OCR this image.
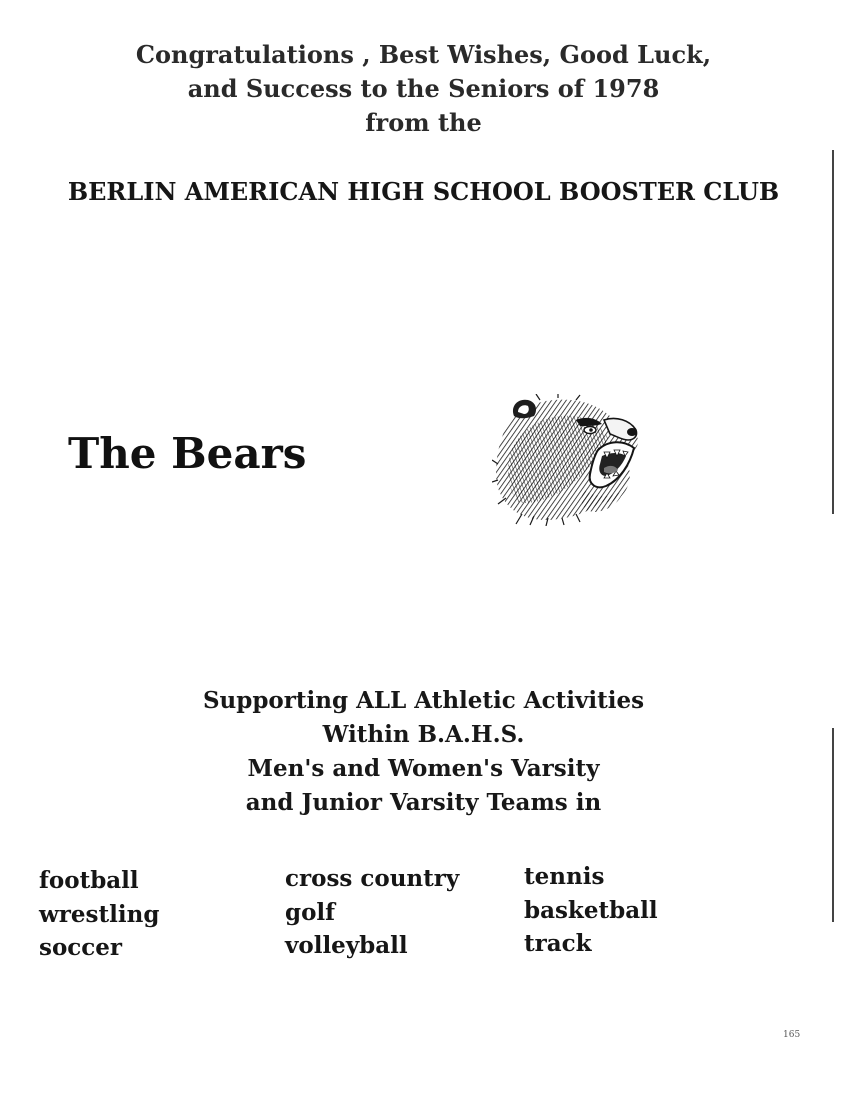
Congratulations , Best Wishes, Good Luck,
and Success to the Seniors of 1978
from the
BERLIN AMERICAN HIGH SCHOOL BOOSTER CLUB
The Bears
Supporting ALL Athletic Activities
Within B.A.H.S.
Men's and Women's Varsity
and Junior Varsity Teams in
football
wrestling
soccer
cross country
golf
volleyball
tennis
basketball
track
165
